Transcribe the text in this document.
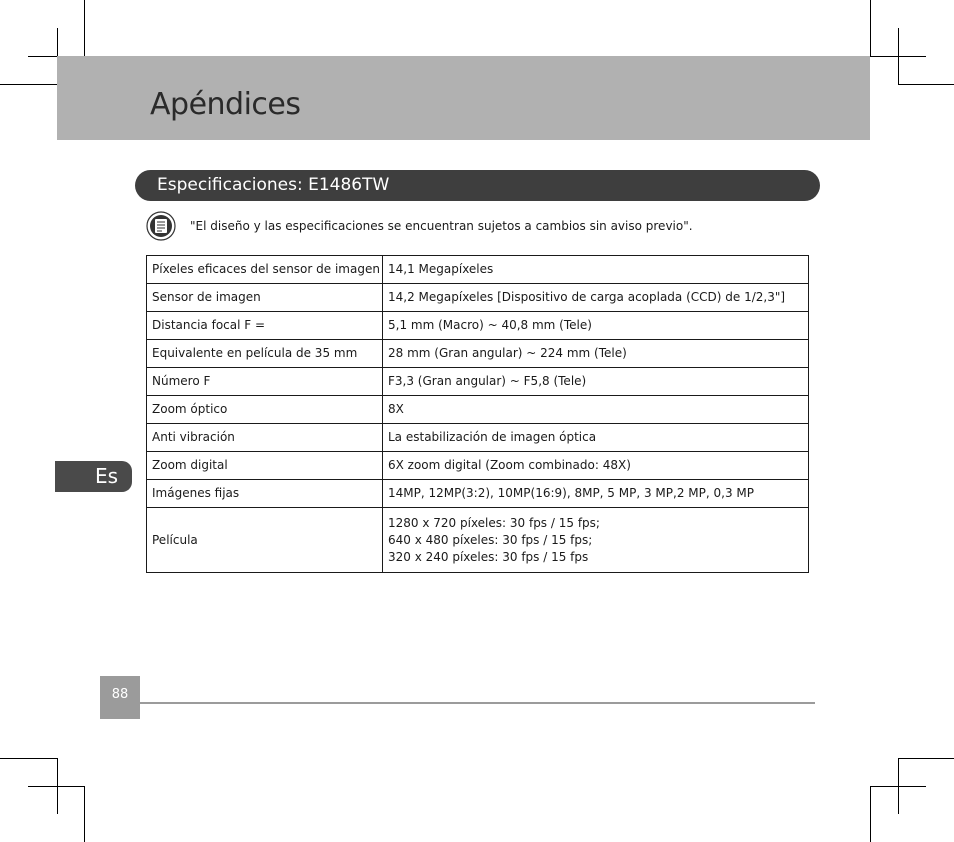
Apéndices
Especificaciones: E1486TW
"El diseño y las especificaciones se encuentran sujetos a cambios sin aviso previo".
Píxeles eficaces del sensor de imagen	14,1 Megapíxeles
Sensor de imagen	14,2 Megapíxeles [Dispositivo de carga acoplada (CCD) de 1/2,3"]
Distancia focal F =	5,1 mm (Macro) ~ 40,8 mm (Tele)
Equivalente en película de 35 mm	28 mm (Gran angular) ~ 224 mm (Tele)
Número F	F3,3 (Gran angular) ~ F5,8 (Tele)
Zoom óptico	8X
Anti vibración	La estabilización de imagen óptica
Zoom digital	6X zoom digital (Zoom combinado: 48X)
Imágenes fijas	14MP, 12MP(3:2), 10MP(16:9), 8MP, 5 MP, 3 MP,2 MP, 0,3 MP
Película	1280 x 720 píxeles: 30 fps / 15 fps;
640 x 480 píxeles: 30 fps / 15 fps;
320 x 240 píxeles: 30 fps / 15 fps
Es
88
